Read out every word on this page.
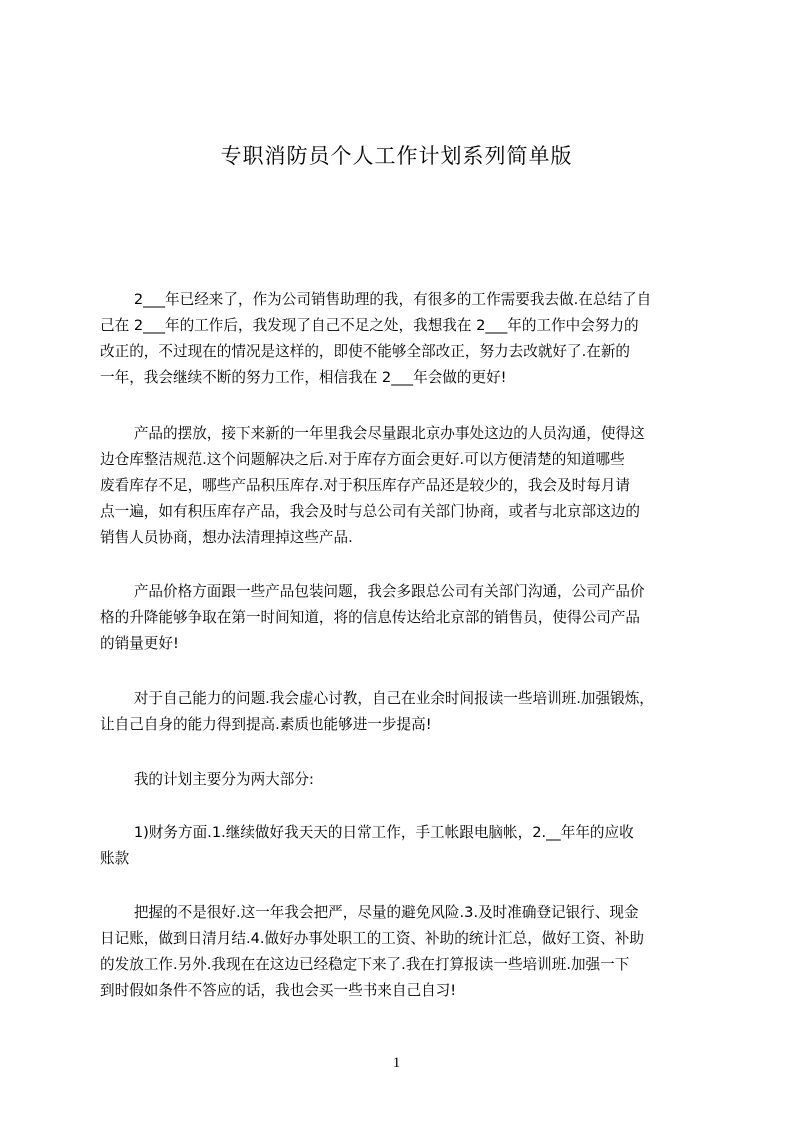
专职消防员个人工作计划系列简单版
　　 2___年已经来了，作为公司销售助理的我，有很多的工作需要我去做.在总结了自
己在 2___年的工作后，我发现了自己不足之处，我想我在 2___年的工作中会努力的
改正的，不过现在的情况是这样的，即使不能够全部改正，努力去改就好了.在新的
一年，我会继续不断的努力工作，相信我在 2___年会做的更好!
　　 产品的摆放，接下来新的一年里我会尽量跟北京办事处这边的人员沟通，使得这
边仓库整洁规范.这个问题解决之后.对于库存方面会更好.可以方便清楚的知道哪些
废看库存不足，哪些产品积压库存.对于积压库存产品还是较少的，我会及时每月请
点一遍，如有积压库存产品，我会及时与总公司有关部门协商，或者与北京部这边的
销售人员协商，想办法清理掉这些产品.
　　 产品价格方面跟一些产品包装问题，我会多跟总公司有关部门沟通，公司产品价
格的升降能够争取在第一时间知道，将的信息传达给北京部的销售员，使得公司产品
的销量更好!
　　 对于自己能力的问题.我会虚心讨教，自己在业余时间报读一些培训班.加强锻炼，
让自己自身的能力得到提高.素质也能够进一步提高!
　　 我的计划主要分为两大部分:
　　 1)财务方面.1.继续做好我天天的日常工作，手工帐跟电脑帐，2.__年年的应收
账款
　　 把握的不是很好.这一年我会把严，尽量的避免风险.3.及时准确登记银行、现金
日记账，做到日清月结.4.做好办事处职工的工资、补助的统计汇总，做好工资、补助
的发放工作.另外.我现在在这边已经稳定下来了.我在打算报读一些培训班.加强一下
到时假如条件不答应的话，我也会买一些书来自己自习!
1
